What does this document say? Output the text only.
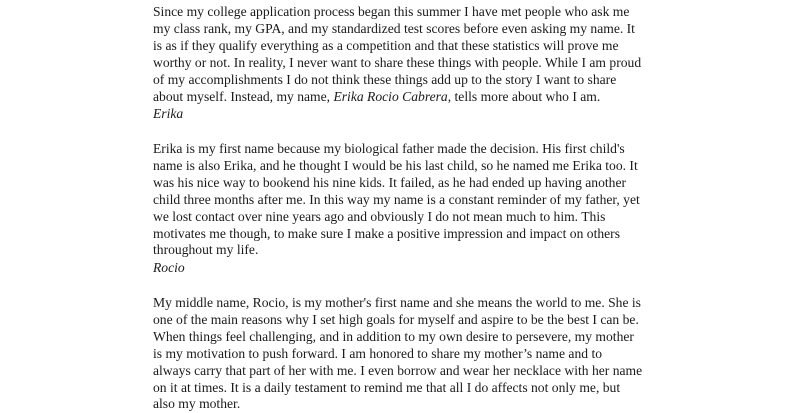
Since my college application process began this summer I have met people who ask me
my class rank, my GPA, and my standardized test scores before even asking my name. It
is as if they qualify everything as a competition and that these statistics will prove me
worthy or not. In reality, I never want to share these things with people. While I am proud
of my accomplishments I do not think these things add up to the story I want to share
about myself. Instead, my name, Erika Rocio Cabrera, tells more about who I am.
Erika
Erika is my first name because my biological father made the decision. His first child's
name is also Erika, and he thought I would be his last child, so he named me Erika too. It
was his nice way to bookend his nine kids. It failed, as he had ended up having another
child three months after me. In this way my name is a constant reminder of my father, yet
we lost contact over nine years ago and obviously I do not mean much to him. This
motivates me though, to make sure I make a positive impression and impact on others
throughout my life.
Rocio
My middle name, Rocio, is my mother's first name and she means the world to me. She is
one of the main reasons why I set high goals for myself and aspire to be the best I can be.
When things feel challenging, and in addition to my own desire to persevere, my mother
is my motivation to push forward. I am honored to share my mother’s name and to
always carry that part of her with me. I even borrow and wear her necklace with her name
on it at times. It is a daily testament to remind me that all I do affects not only me, but
also my mother.
